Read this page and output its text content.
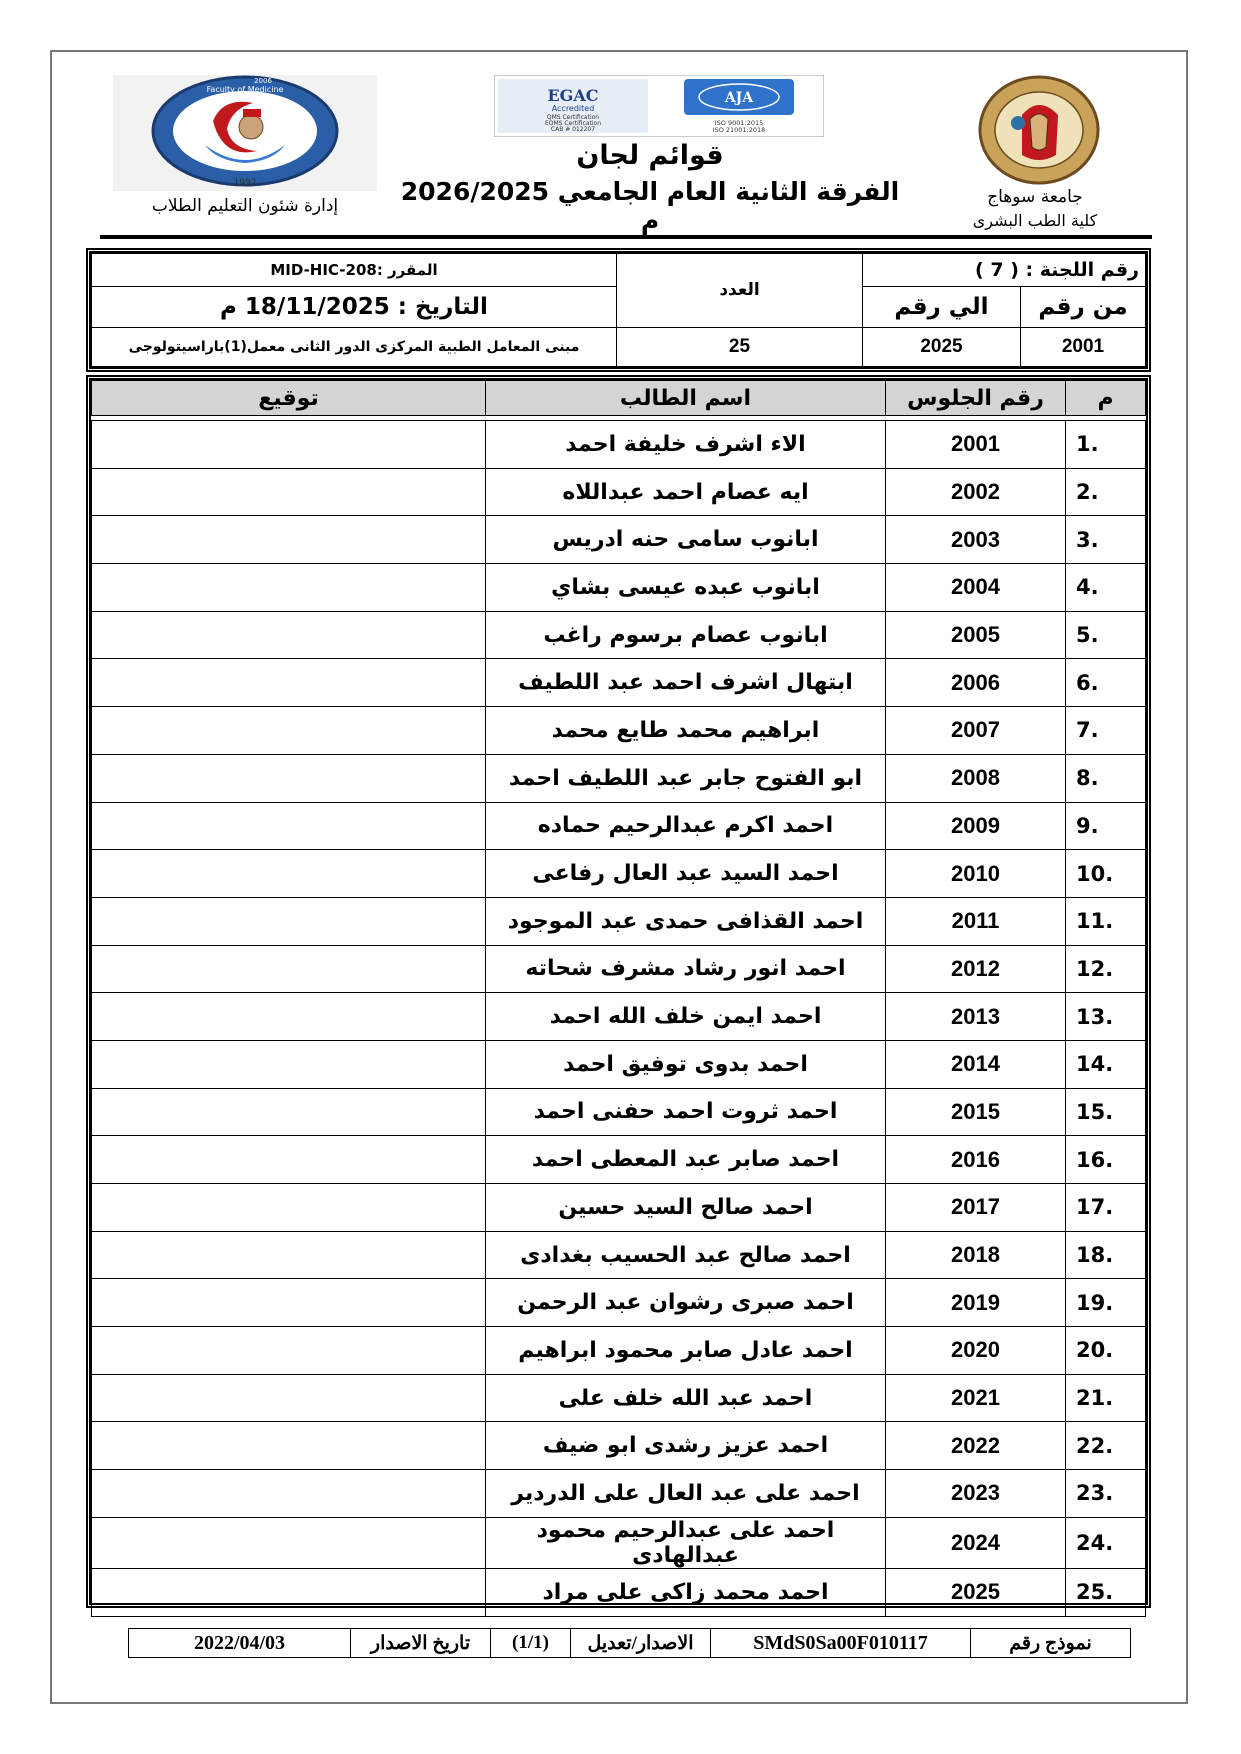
Faculty of Medicine
2006
1992
EGAC
Accredited
QMS Certification
EOMS Certification
CAB # 012207
AJA
ISO 9001:2015
ISO 21001:2018
قوائم لجان
الفرقة الثانية العام الجامعي 2026/2025 م
إدارة شئون التعليم الطلاب	جامعة سوهاج
كلية الطب البشرى
رقم اللجنة : ( 7 )		العدد	المقرر :MID-HIC-208
من رقم	الي رقم		التاريخ : 18/11/2025 م
2001	2025	25	مبنى المعامل الطبية المركزى الدور الثانى معمل(1)باراسيتولوجى
م	رقم الجلوس	اسم الطالب	توقيع

1.	2001	الاء اشرف خليفة احمد	
2.	2002	ايه عصام احمد عبداللاه	
3.	2003	ابانوب سامى حنه ادريس	
4.	2004	ابانوب عبده عيسى بشاي	
5.	2005	ابانوب عصام برسوم راغب	
6.	2006	ابتهال اشرف احمد عبد اللطيف	
7.	2007	ابراهيم محمد طايع محمد	
8.	2008	ابو الفتوح جابر عبد اللطيف احمد	
9.	2009	احمد اكرم عبدالرحيم حماده	
10.	2010	احمد السيد عبد العال رفاعى	
11.	2011	احمد القذافى حمدى عبد الموجود	
12.	2012	احمد انور رشاد مشرف شحاته	
13.	2013	احمد ايمن خلف الله احمد	
14.	2014	احمد بدوى توفيق احمد	
15.	2015	احمد ثروت احمد حفنى احمد	
16.	2016	احمد صابر عبد المعطى احمد	
17.	2017	احمد صالح السيد حسين	
18.	2018	احمد صالح عبد الحسيب بغدادى	
19.	2019	احمد صبرى رشوان عبد الرحمن	
20.	2020	احمد عادل صابر محمود ابراهيم	
21.	2021	احمد عبد الله خلف على	
22.	2022	احمد عزيز رشدى ابو ضيف	
23.	2023	احمد على عبد العال على الدردير	
24.	2024	احمد على عبدالرحيم محمود عبدالهادى	
25.	2025	احمد محمد زاكى على مراد	
نموذج رقم
SMdS0Sa00F010117
الاصدار/تعديل
(1/1)
تاريخ الاصدار
2022/04/03
